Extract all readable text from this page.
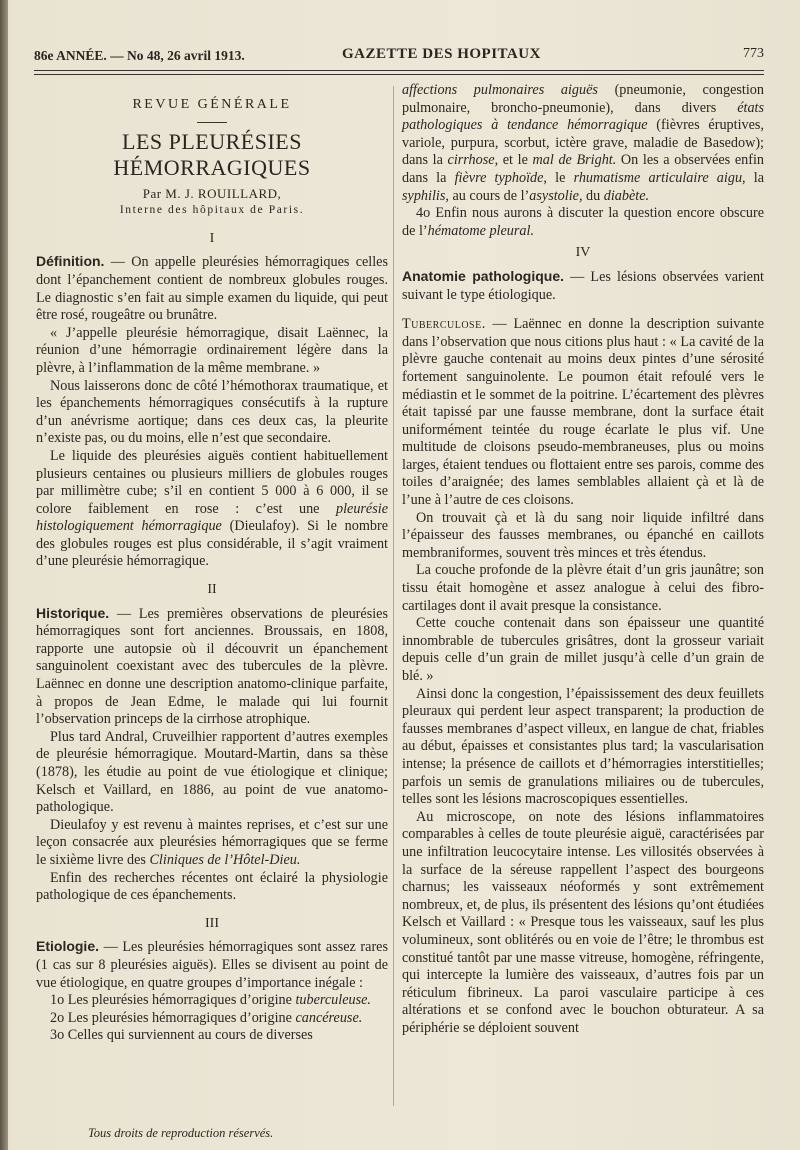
86e ANNÉE. — No 48, 26 avril 1913.	GAZETTE DES HOPITAUX	773

REVUE GÉNÉRALE

LES PLEURÉSIES HÉMORRAGIQUES

Par M. J. ROUILLARD,

Interne des hôpitaux de Paris.

I

Définition. — On appelle pleurésies hémorragiques celles dont l’épanchement contient de nombreux globules rouges. Le diagnostic s’en fait au simple examen du liquide, qui peut être rosé, rougeâtre ou brunâtre.

« J’appelle pleurésie hémorragique, disait Laënnec, la réunion d’une hémorragie ordinairement légère dans la plèvre, à l’inflammation de la même membrane. »

Nous laisserons donc de côté l’hémothorax traumatique, et les épanchements hémorragiques consécutifs à la rupture d’un anévrisme aortique; dans ces deux cas, la pleurite n’existe pas, ou du moins, elle n’est que secondaire.

Le liquide des pleurésies aiguës contient habituellement plusieurs centaines ou plusieurs milliers de globules rouges par millimètre cube; s’il en contient 5 000 à 6 000, il se colore faiblement en rose : c’est une pleurésie histologiquement hémorragique (Dieulafoy). Si le nombre des globules rouges est plus considérable, il s’agit vraiment d’une pleurésie hémorragique.

II

Historique. — Les premières observations de pleurésies hémorragiques sont fort anciennes. Broussais, en 1808, rapporte une autopsie où il découvrit un épanchement sanguinolent coexistant avec des tubercules de la plèvre. Laënnec en donne une description anatomo-clinique parfaite, à propos de Jean Edme, le malade qui lui fournit l’observation princeps de la cirrhose atrophique.

Plus tard Andral, Cruveilhier rapportent d’autres exemples de pleurésie hémorragique. Moutard-Martin, dans sa thèse (1878), les étudie au point de vue étiologique et clinique; Kelsch et Vaillard, en 1886, au point de vue anatomo-pathologique.

Dieulafoy y est revenu à maintes reprises, et c’est sur une leçon consacrée aux pleurésies hémorragiques que se ferme le sixième livre des Cliniques de l’Hôtel-Dieu.

Enfin des recherches récentes ont éclairé la physiologie pathologique de ces épanchements.

III

Etiologie. — Les pleurésies hémorragiques sont assez rares (1 cas sur 8 pleurésies aiguës). Elles se divisent au point de vue étiologique, en quatre groupes d’importance inégale :

1o Les pleurésies hémorragiques d’origine tuberculeuse.

2o Les pleurésies hémorragiques d’origine cancéreuse.

3o Celles qui surviennent au cours de diverses

affections pulmonaires aiguës (pneumonie, congestion pulmonaire, broncho-pneumonie), dans divers états pathologiques à tendance hémorragique (fièvres éruptives, variole, purpura, scorbut, ictère grave, maladie de Basedow); dans la cirrhose, et le mal de Bright. On les a observées enfin dans la fièvre typhoïde, le rhumatisme articulaire aigu, la syphilis, au cours de l’asystolie, du diabète.

4o Enfin nous aurons à discuter la question encore obscure de l’hématome pleural.

IV

Anatomie pathologique. — Les lésions observées varient suivant le type étiologique.

Tuberculose. — Laënnec en donne la description suivante dans l’observation que nous citions plus haut : « La cavité de la plèvre gauche contenait au moins deux pintes d’une sérosité fortement sanguinolente. Le poumon était refoulé vers le médiastin et le sommet de la poitrine. L’écartement des plèvres était tapissé par une fausse membrane, dont la surface était uniformément teintée du rouge écarlate le plus vif. Une multitude de cloisons pseudo-membraneuses, plus ou moins larges, étaient tendues ou flottaient entre ses parois, comme des toiles d’araignée; des lames semblables allaient çà et là de l’une à l’autre de ces cloisons.

On trouvait çà et là du sang noir liquide infiltré dans l’épaisseur des fausses membranes, ou épanché en caillots membraniformes, souvent très minces et très étendus.

La couche profonde de la plèvre était d’un gris jaunâtre; son tissu était homogène et assez analogue à celui des fibro-cartilages dont il avait presque la consistance.

Cette couche contenait dans son épaisseur une quantité innombrable de tubercules grisâtres, dont la grosseur variait depuis celle d’un grain de millet jusqu’à celle d’un grain de blé. »

Ainsi donc la congestion, l’épaississement des deux feuillets pleuraux qui perdent leur aspect transparent; la production de fausses membranes d’aspect villeux, en langue de chat, friables au début, épaisses et consistantes plus tard; la vascularisation intense; la présence de caillots et d’hémorragies interstitielles; parfois un semis de granulations miliaires ou de tubercules, telles sont les lésions macroscopiques essentielles.

Au microscope, on note des lésions inflammatoires comparables à celles de toute pleurésie aiguë, caractérisées par une infiltration leucocytaire intense. Les villosités observées à la surface de la séreuse rappellent l’aspect des bourgeons charnus; les vaisseaux néoformés y sont extrêmement nombreux, et, de plus, ils présentent des lésions qu’ont étudiées Kelsch et Vaillard : « Presque tous les vaisseaux, sauf les plus volumineux, sont oblitérés ou en voie de l’être; le thrombus est constitué tantôt par une masse vitreuse, homogène, réfringente, qui intercepte la lumière des vaisseaux, d’autres fois par un réticulum fibrineux. La paroi vasculaire participe à ces altérations et se confond avec le bouchon obturateur. A sa périphérie se déploient souvent

Tous droits de reproduction réservés.
